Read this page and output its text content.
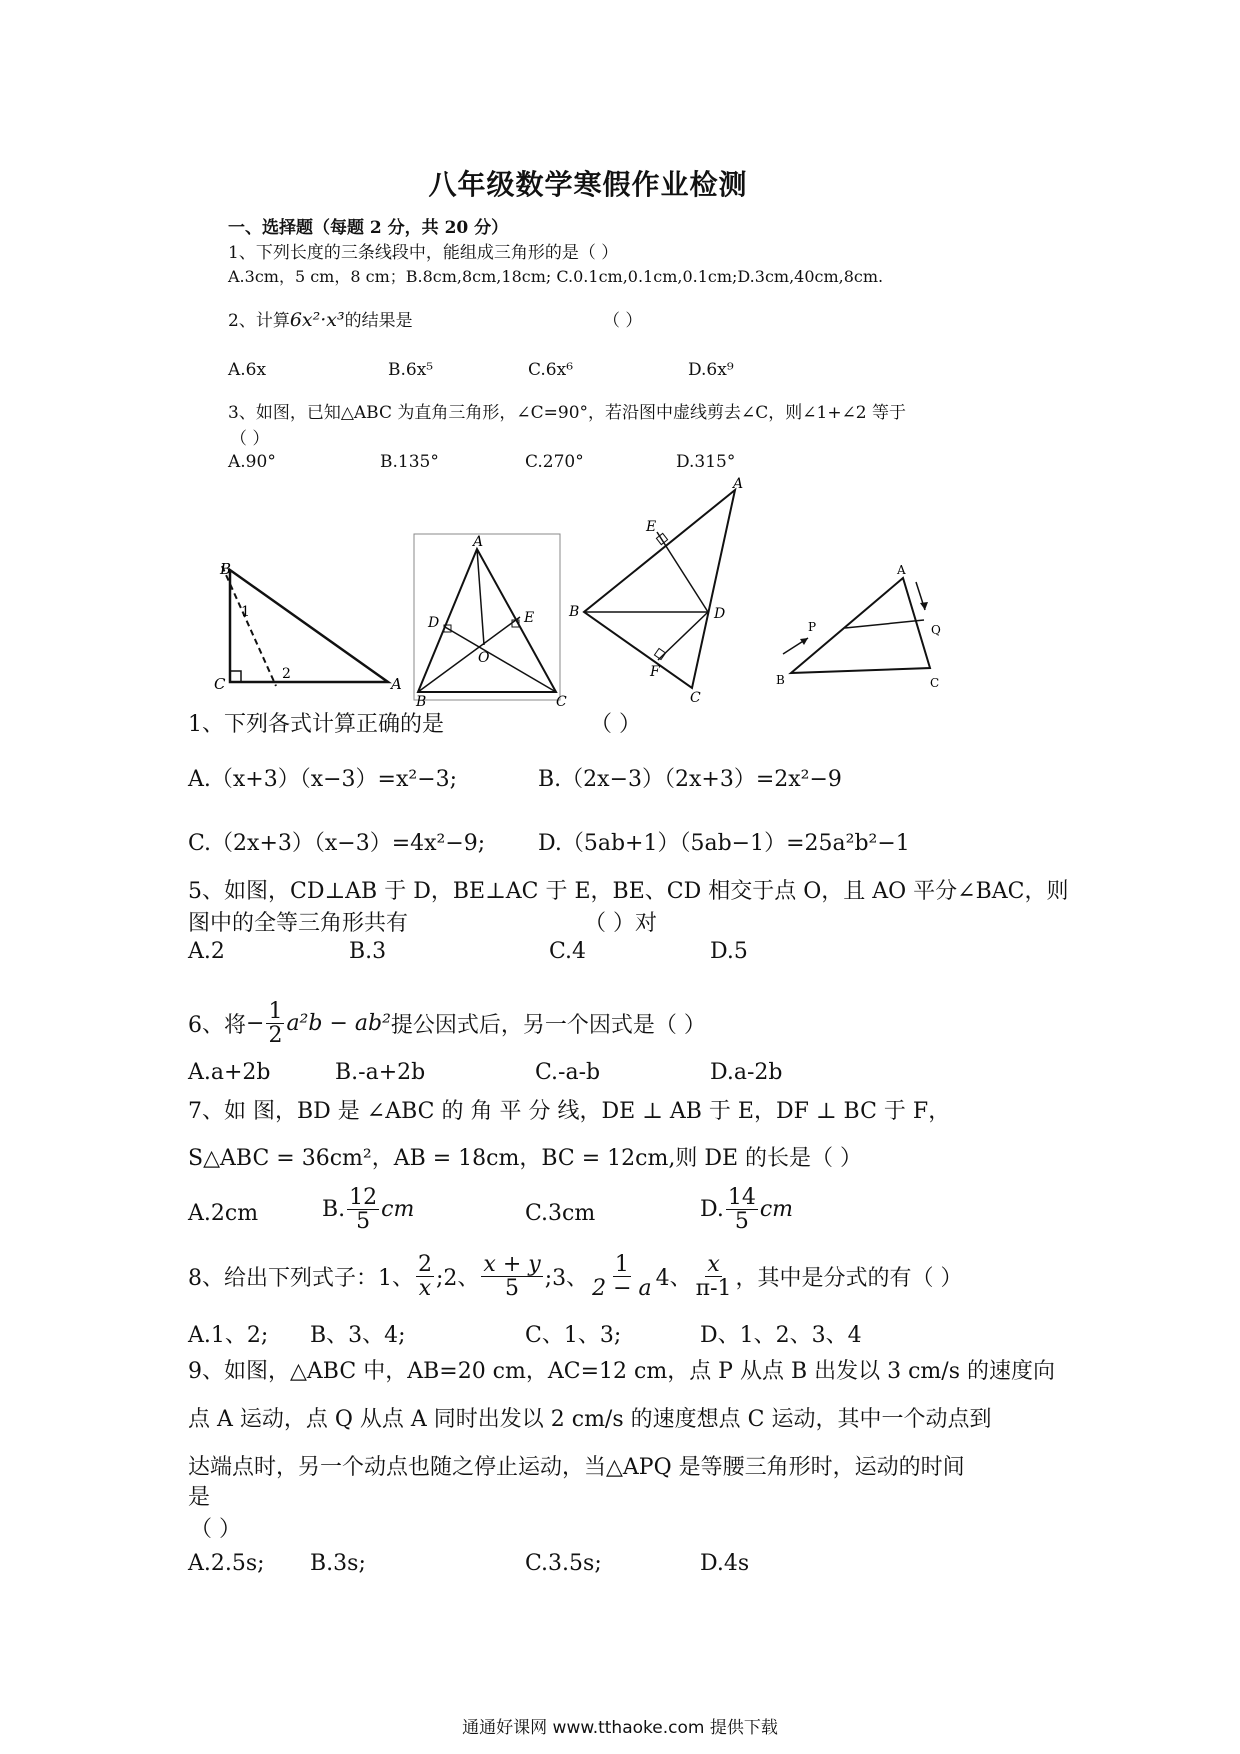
八年级数学寒假作业检测
一、选择题（每题 2 分，共 20 分）
1、下列长度的三条线段中，能组成三角形的是（ ）
A.3cm，5 cm，8 cm；B.8cm,8cm,18cm; C.0.1cm,0.1cm,0.1cm;D.3cm,40cm,8cm.
2、计算6x²·x³的结果是	（ ）
A.6x	B.6x⁵	C.6x⁶	D.6x⁹
3、如图，已知△ABC 为直角三角形，∠C=90°，若沿图中虚线剪去∠C，则∠1+∠2 等于
（ ）
A.90°	B.135°	C.270°	D.315°
B
C	A
1
2
A
B	C
D	E
O
A
B
C
D
E
F
A
B	C
P	Q
1、下列各式计算正确的是	（ ）
A.（x+3）（x−3）=x²−3;	B.（2x−3）（2x+3）=2x²−9
C.（2x+3）（x−3）=4x²−9; D.（5ab+1）（5ab−1）=25a²b²−1
5、如图，CD⊥AB 于 D，BE⊥AC 于 E，BE、CD 相交于点 O，且 AO 平分∠BAC，则
图中的全等三角形共有	（ ）对
A.2	B.3	C.4	D.5
6、将 − $\frac{1}{2} a^2b - ab^2$ 提公因式后，另一个因式是（ ）
A.a+2b	B.-a+2b	C.-a-b	D.a-2b
7、如 图，BD 是 ∠ABC 的 角 平 分 线，DE ⊥ AB 于 E，DF ⊥ BC 于 F，
S△ABC = 36cm²，AB = 18cm，BC = 12cm,则 DE 的长是（ ）
A.2cm	B. $\frac{12}{5}$ cm	C.3cm	D. $\frac{14}{5}$ cm
8、给出下列式子：1、 $\frac{2}{x}$ ;2、 $\frac{x + y}{5}$ ;3、 $\frac{1}{2 - a} 4$、 $\frac{x}{\pi-1}$ ，其中是分式的有（ ）
A.1、2; B、3、4;	C、1、3;	D、1、2、3、4
9、如图，△ABC 中，AB=20 cm，AC=12 cm，点 P 从点 B 出发以 3 cm/s 的速度向
点 A 运动，点 Q 从点 A 同时出发以 2 cm/s 的速度想点 C 运动，其中一个动点到
达端点时，另一个动点也随之停止运动，当△APQ 是等腰三角形时，运动的时间
是
（ ）
A.2.5s; B.3s;	C.3.5s;	D.4s
通通好课网 www.tthaoke.com 提供下载
